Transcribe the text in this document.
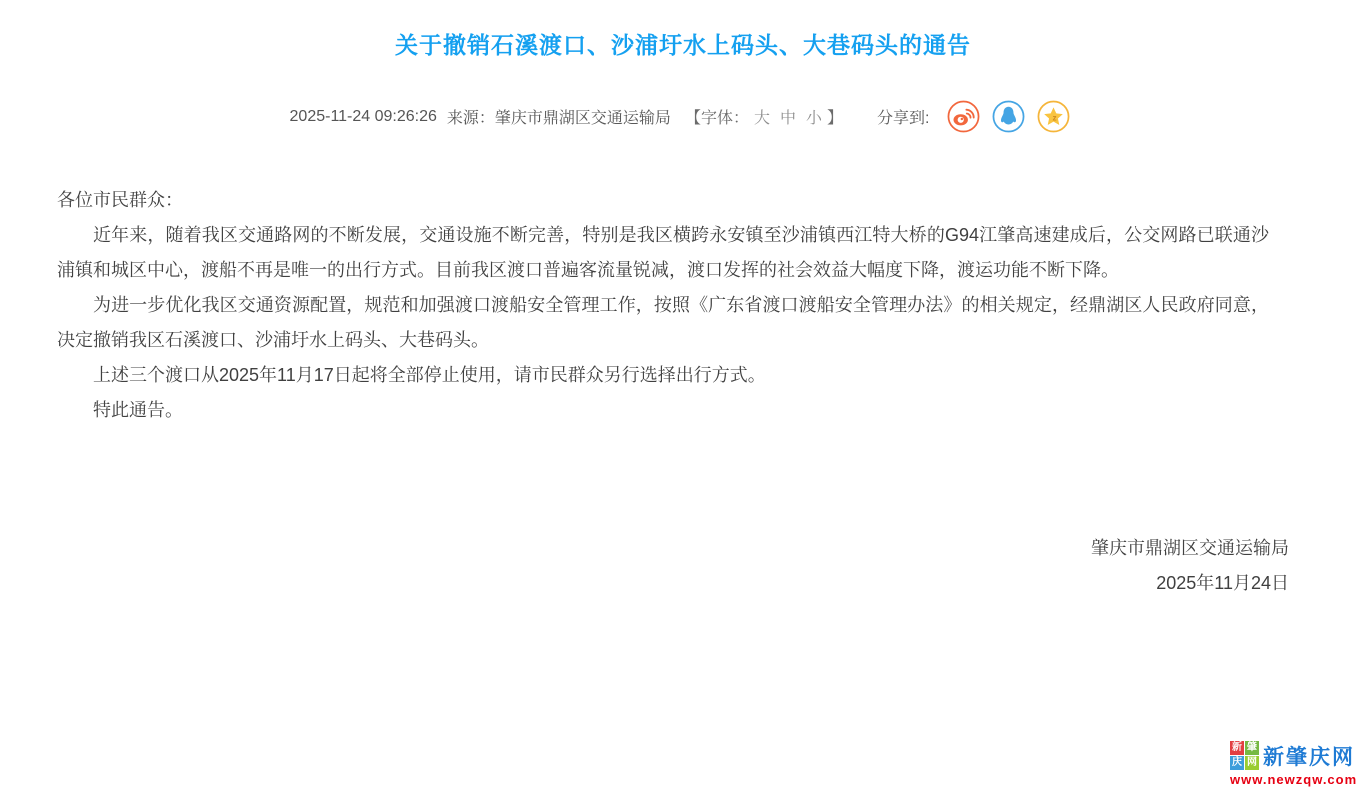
关于撤销石溪渡口、沙浦圩水上码头、大巷码头的通告
2025-11-24 09:26:26 来源： 肇庆市鼎湖区交通运输局 【字体： 大 中 小 】 分享到:	z

各位市民群众：

近年来，随着我区交通路网的不断发展，交通设施不断完善，特别是我区横跨永安镇至沙浦镇西江特大桥的G94江肇高速建成后，公交网路已联通沙浦镇和城区中心，渡船不再是唯一的出行方式。目前我区渡口普遍客流量锐减，渡口发挥的社会效益大幅度下降，渡运功能不断下降。

为进一步优化我区交通资源配置，规范和加强渡口渡船安全管理工作，按照《广东省渡口渡船安全管理办法》的相关规定，经鼎湖区人民政府同意，决定撤销我区石溪渡口、沙浦圩水上码头、大巷码头。

上述三个渡口从2025年11月17日起将全部停止使用，请市民群众另行选择出行方式。

特此通告。

肇庆市鼎湖区交通运输局
2025年11月24日
新 肇
庆 网 新肇庆网
www.newzqw.com
